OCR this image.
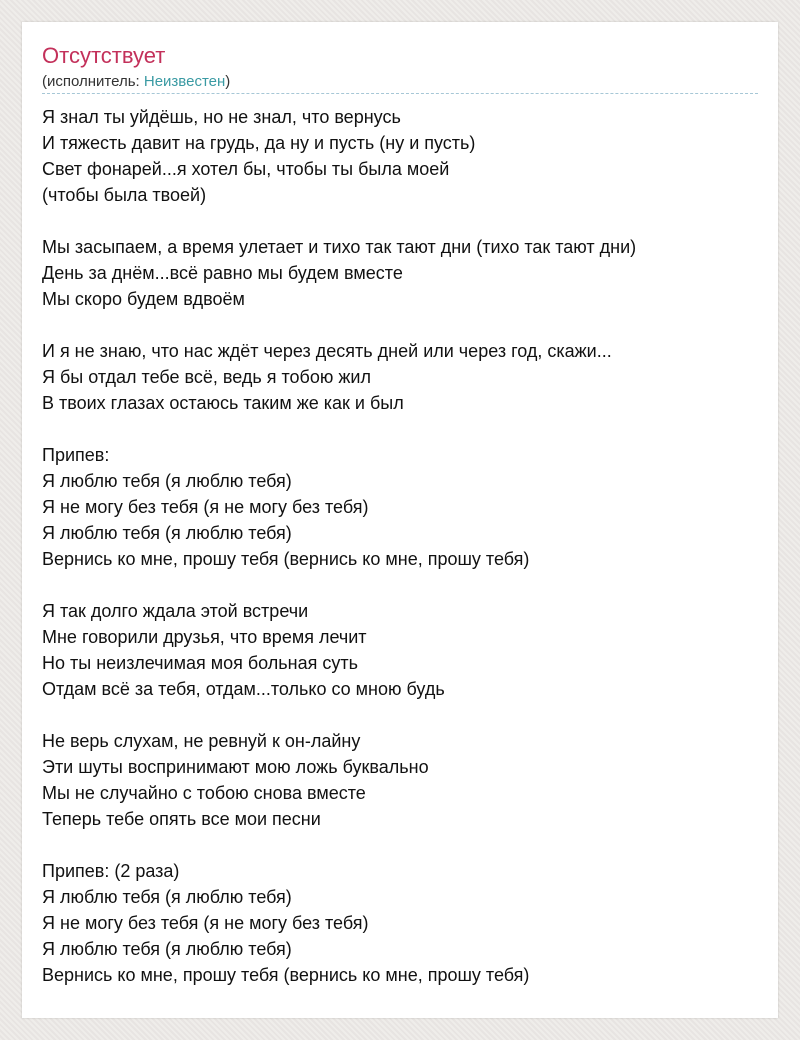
Отсутствует
(исполнитель: Неизвестен)
Я знал ты уйдёшь, но не знал, что вернусь
И тяжесть давит на грудь, да ну и пусть (ну и пусть)
Свет фонарей...я хотел бы, чтобы ты была моей
(чтобы была твоей)
Мы засыпаем, а время улетает и тихо так тают дни (тихо так тают дни)
День за днём...всё равно мы будем вместе
Мы скоро будем вдвоём
И я не знаю, что нас ждёт через десять дней или через год, скажи...
Я бы отдал тебе всё, ведь я тобою жил
В твоих глазах остаюсь таким же как и был
Припев:
Я люблю тебя (я люблю тебя)
Я не могу без тебя (я не могу без тебя)
Я люблю тебя (я люблю тебя)
Вернись ко мне, прошу тебя (вернись ко мне, прошу тебя)
Я так долго ждала этой встречи
Мне говорили друзья, что время лечит
Но ты неизлечимая моя больная суть
Отдам всё за тебя, отдам...только со мною будь
Не верь слухам, не ревнуй к он-лайну
Эти шуты воспринимают мою ложь буквально
Мы не случайно с тобою снова вместе
Теперь тебе опять все мои песни
Припев: (2 раза)
Я люблю тебя (я люблю тебя)
Я не могу без тебя (я не могу без тебя)
Я люблю тебя (я люблю тебя)
Вернись ко мне, прошу тебя (вернись ко мне, прошу тебя)
